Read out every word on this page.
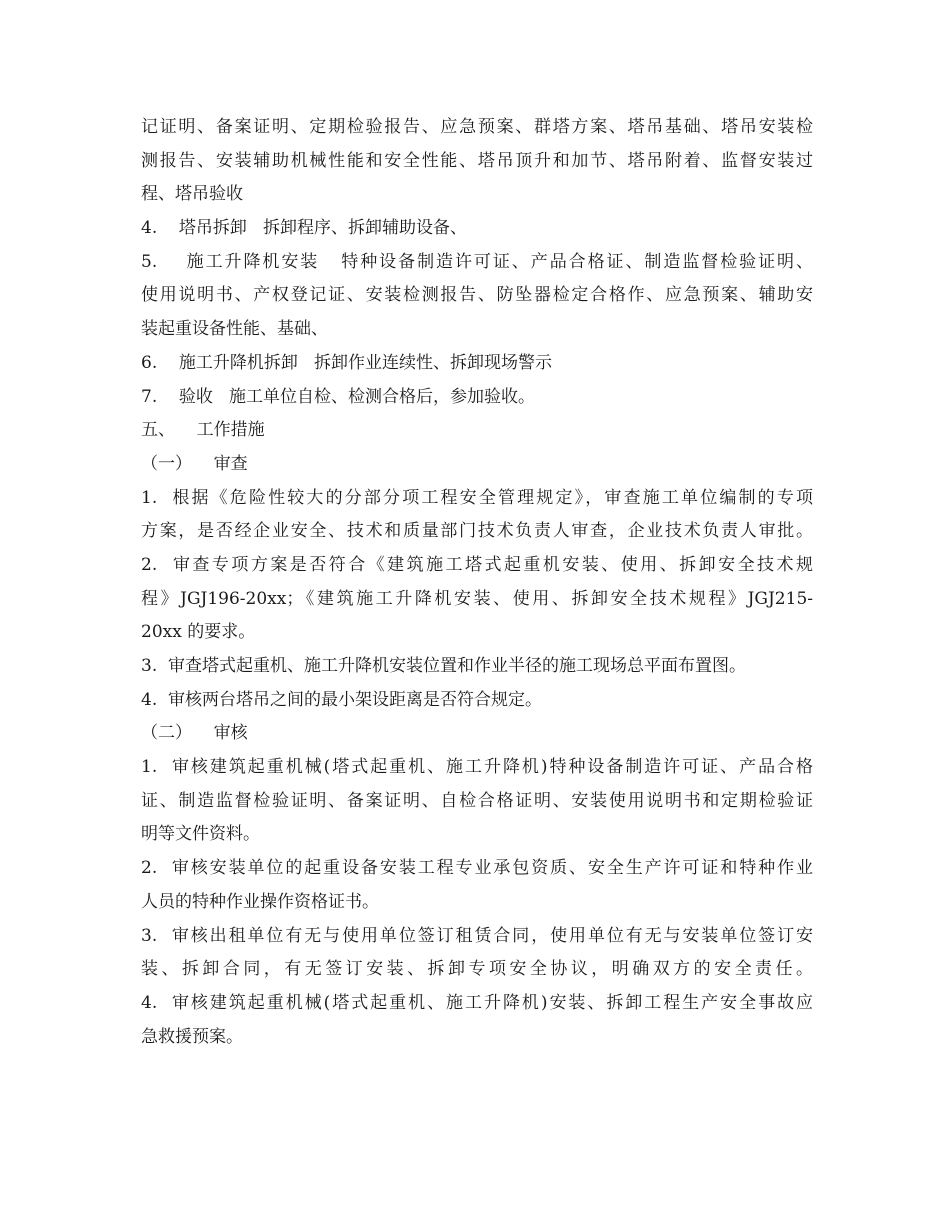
记证明、备案证明、定期检验报告、应急预案、群塔方案、塔吊基础、塔吊安装检
测报告、安装辅助机械性能和安全性能、塔吊顶升和加节、塔吊附着、监督安装过
程、塔吊验收
4.    塔吊拆卸   拆卸程序、拆卸辅助设备、
5.    施工升降机安装   特种设备制造许可证、产品合格证、制造监督检验证明、
使用说明书、产权登记证、安装检测报告、防坠器检定合格作、应急预案、辅助安
装起重设备性能、基础、
6.    施工升降机拆卸   拆卸作业连续性、拆卸现场警示
7.    验收   施工单位自检、检测合格后，参加验收。
五、    工作措施
（一）    审查
1.  根据《危险性较大的分部分项工程安全管理规定》，审查施工单位编制的专项
方案，是否经企业安全、技术和质量部门技术负责人审查，企业技术负责人审批。
2.  审查专项方案是否符合《建筑施工塔式起重机安装、使用、拆卸安全技术规
程》JGJ196-20xx；《建筑施工升降机安装、使用、拆卸安全技术规程》JGJ215-
20xx 的要求。
3.  审查塔式起重机、施工升降机安装位置和作业半径的施工现场总平面布置图。
4.  审核两台塔吊之间的最小架设距离是否符合规定。
（二）    审核
1.  审核建筑起重机械(塔式起重机、施工升降机)特种设备制造许可证、产品合格
证、制造监督检验证明、备案证明、自检合格证明、安装使用说明书和定期检验证
明等文件资料。
2.  审核安装单位的起重设备安装工程专业承包资质、安全生产许可证和特种作业
人员的特种作业操作资格证书。
3.  审核出租单位有无与使用单位签订租赁合同，使用单位有无与安装单位签订安
装、拆卸合同，有无签订安装、拆卸专项安全协议，明确双方的安全责任。
4.  审核建筑起重机械(塔式起重机、施工升降机)安装、拆卸工程生产安全事故应
急救援预案。
